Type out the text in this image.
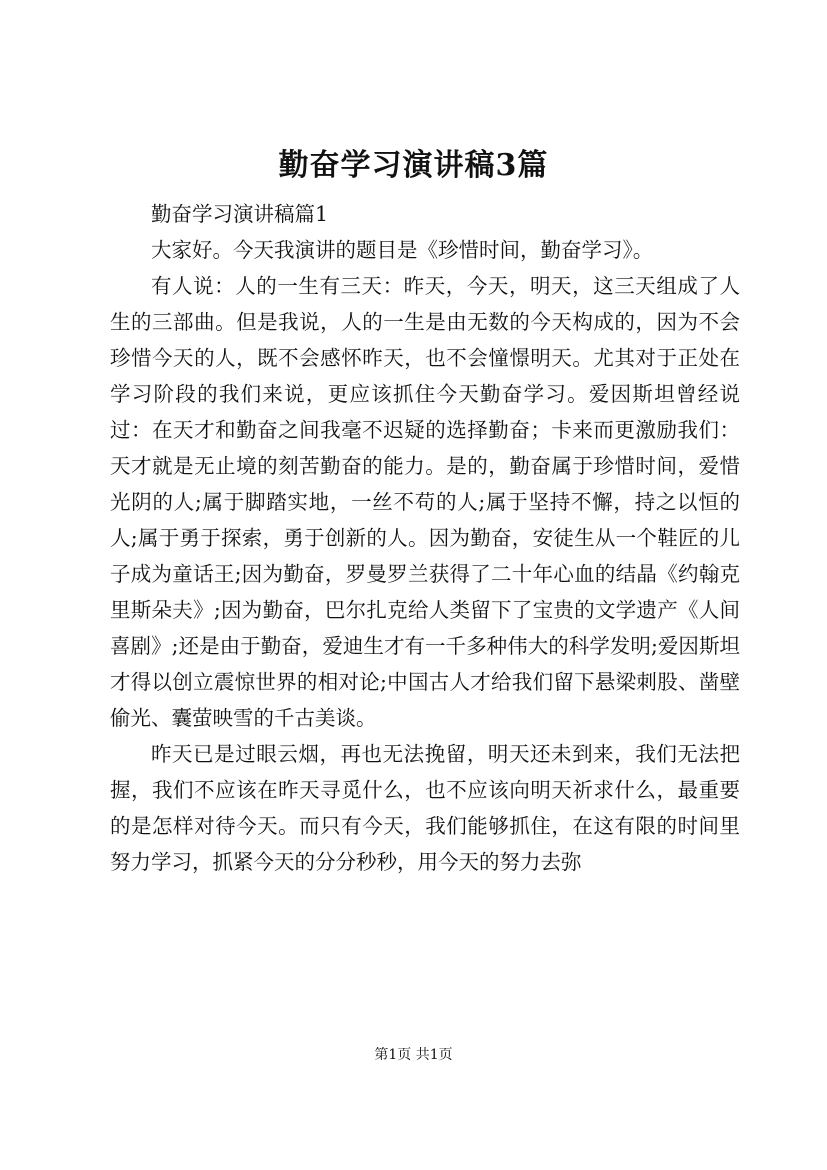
勤奋学习演讲稿3篇

勤奋学习演讲稿篇1

大家好。今天我演讲的题目是《珍惜时间，勤奋学习》。

有人说：人的一生有三天：昨天，今天，明天，这三天组成了人生的三部曲。但是我说，人的一生是由无数的今天构成的，因为不会珍惜今天的人，既不会感怀昨天，也不会憧憬明天。尤其对于正处在学习阶段的我们来说，更应该抓住今天勤奋学习。爱因斯坦曾经说过：在天才和勤奋之间我毫不迟疑的选择勤奋；卡来而更激励我们：天才就是无止境的刻苦勤奋的能力。是的，勤奋属于珍惜时间，爱惜光阴的人;属于脚踏实地，一丝不苟的人;属于坚持不懈，持之以恒的人;属于勇于探索，勇于创新的人。因为勤奋，安徒生从一个鞋匠的儿子成为童话王;因为勤奋，罗曼罗兰获得了二十年心血的结晶《约翰克里斯朵夫》;因为勤奋，巴尔扎克给人类留下了宝贵的文学遗产《人间喜剧》;还是由于勤奋，爱迪生才有一千多种伟大的科学发明;爱因斯坦才得以创立震惊世界的相对论;中国古人才给我们留下悬梁刺股、凿壁偷光、囊萤映雪的千古美谈。

昨天已是过眼云烟，再也无法挽留，明天还未到来，我们无法把握，我们不应该在昨天寻觅什么，也不应该向明天祈求什么，最重要的是怎样对待今天。而只有今天，我们能够抓住，在这有限的时间里努力学习，抓紧今天的分分秒秒，用今天的努力去弥

第1页 共1页
